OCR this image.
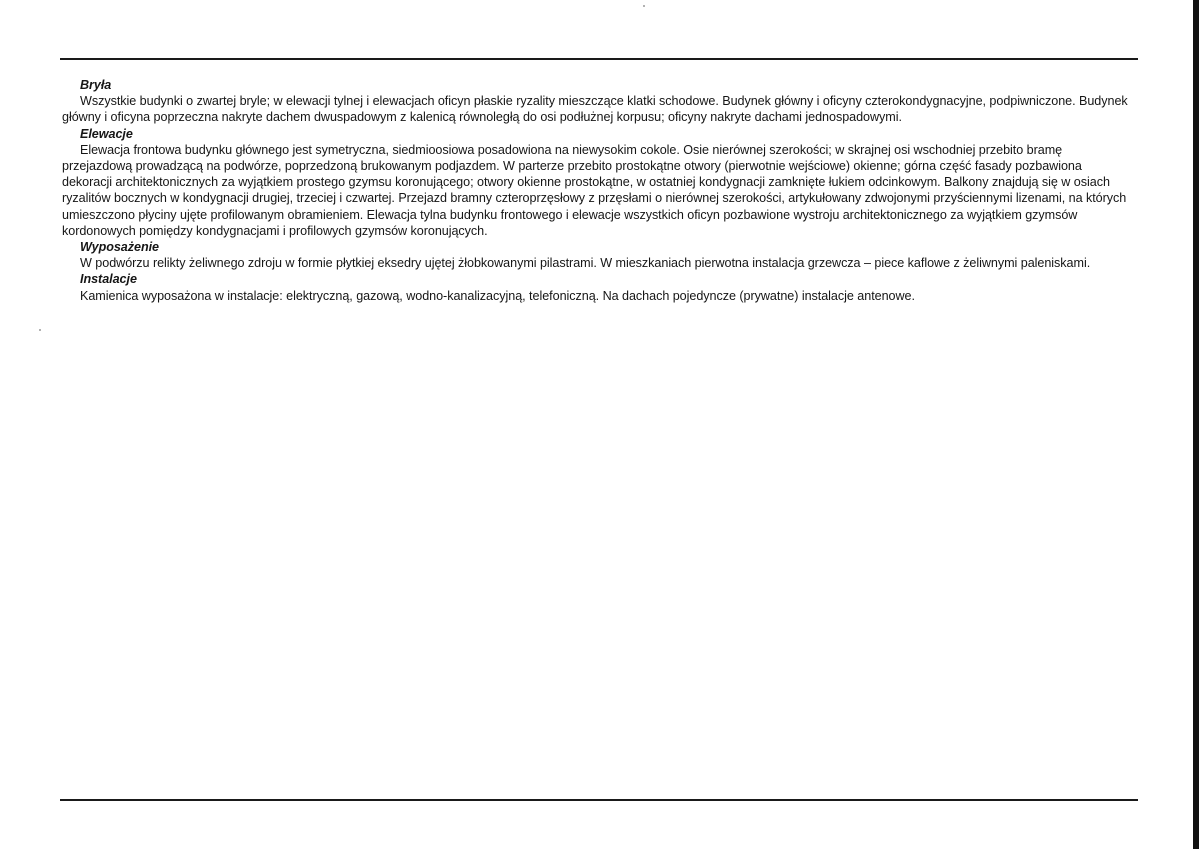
Bryła

Wszystkie budynki o zwartej bryle; w elewacji tylnej i elewacjach oficyn płaskie ryzality mieszczące klatki schodowe. Budynek główny i oficyny czterokondygnacyjne, podpiwniczone. Budynek główny i oficyna poprzeczna nakryte dachem dwuspadowym z kalenicą równoległą do osi podłużnej korpusu; oficyny nakryte dachami jednospadowymi.

Elewacje

Elewacja frontowa budynku głównego jest symetryczna, siedmioosiowa posadowiona na niewysokim cokole. Osie nierównej szerokości; w skrajnej osi wschodniej przebito bramę przejazdową prowadzącą na podwórze, poprzedzoną brukowanym podjazdem. W parterze przebito prostokątne otwory (pierwotnie wejściowe) okienne; górna część fasady pozbawiona dekoracji architektonicznych za wyjątkiem prostego gzymsu koronującego; otwory okienne prostokątne, w ostatniej kondygnacji zamknięte łukiem odcinkowym. Balkony znajdują się w osiach ryzalitów bocznych w kondygnacji drugiej, trzeciej i czwartej. Przejazd bramny czteroprzęsłowy z przęsłami o nierównej szerokości, artykułowany zdwojonymi przyściennymi lizenami, na których umieszczono płyciny ujęte profilowanym obramieniem. Elewacja tylna budynku frontowego i elewacje wszystkich oficyn pozbawione wystroju architektonicznego za wyjątkiem gzymsów kordonowych pomiędzy kondygnacjami i profilowych gzymsów koronujących.

Wyposażenie

W podwórzu relikty żeliwnego zdroju w formie płytkiej eksedry ujętej żłobkowanymi pilastrami. W mieszkaniach pierwotna instalacja grzewcza – piece kaflowe z żeliwnymi paleniskami.

Instalacje

Kamienica wyposażona w instalacje: elektryczną, gazową, wodno-kanalizacyjną, telefoniczną. Na dachach pojedyncze (prywatne) instalacje antenowe.
